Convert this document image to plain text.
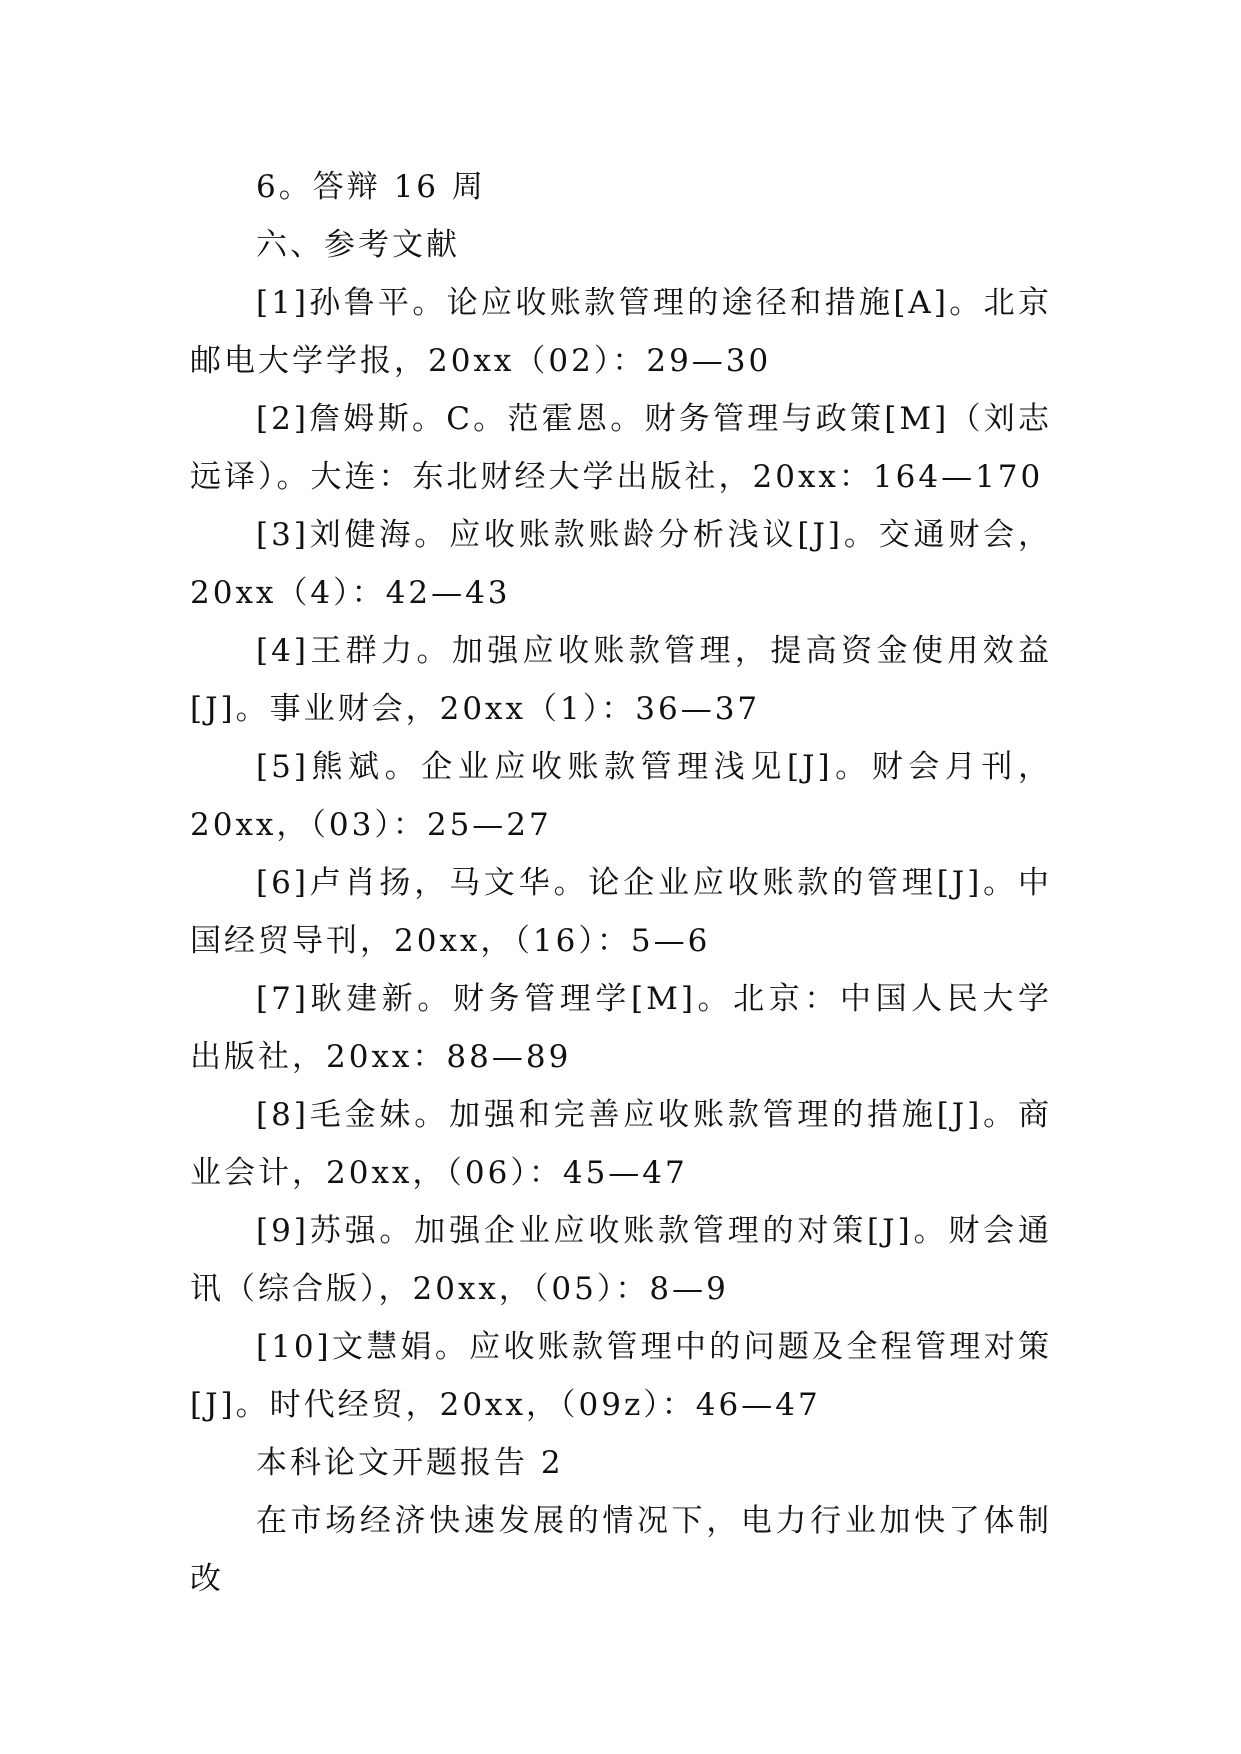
6。答辩 16 周

六、参考文献

[1]孙鲁平。论应收账款管理的途径和措施[A]。北京邮电大学学报，20xx（02）：29—30

[2]詹姆斯。C。范霍恩。财务管理与政策[M]（刘志远译）。大连：东北财经大学出版社，20xx：164—170

[3]刘健海。应收账款账龄分析浅议[J]。交通财会，20xx（4）：42—43

[4]王群力。加强应收账款管理，提高资金使用效益[J]。事业财会，20xx（1）：36—37

[5]熊斌。企业应收账款管理浅见[J]。财会月刊，20xx，（03）：25—27

[6]卢肖扬，马文华。论企业应收账款的管理[J]。中国经贸导刊，20xx，（16）：5—6

[7]耿建新。财务管理学[M]。北京：中国人民大学出版社，20xx：88—89

[8]毛金妹。加强和完善应收账款管理的措施[J]。商业会计，20xx，（06）：45—47

[9]苏强。加强企业应收账款管理的对策[J]。财会通讯（综合版），20xx，（05）：8—9

[10]文慧娟。应收账款管理中的问题及全程管理对策[J]。时代经贸，20xx，（09z）：46—47

本科论文开题报告 2

在市场经济快速发展的情况下，电力行业加快了体制改
